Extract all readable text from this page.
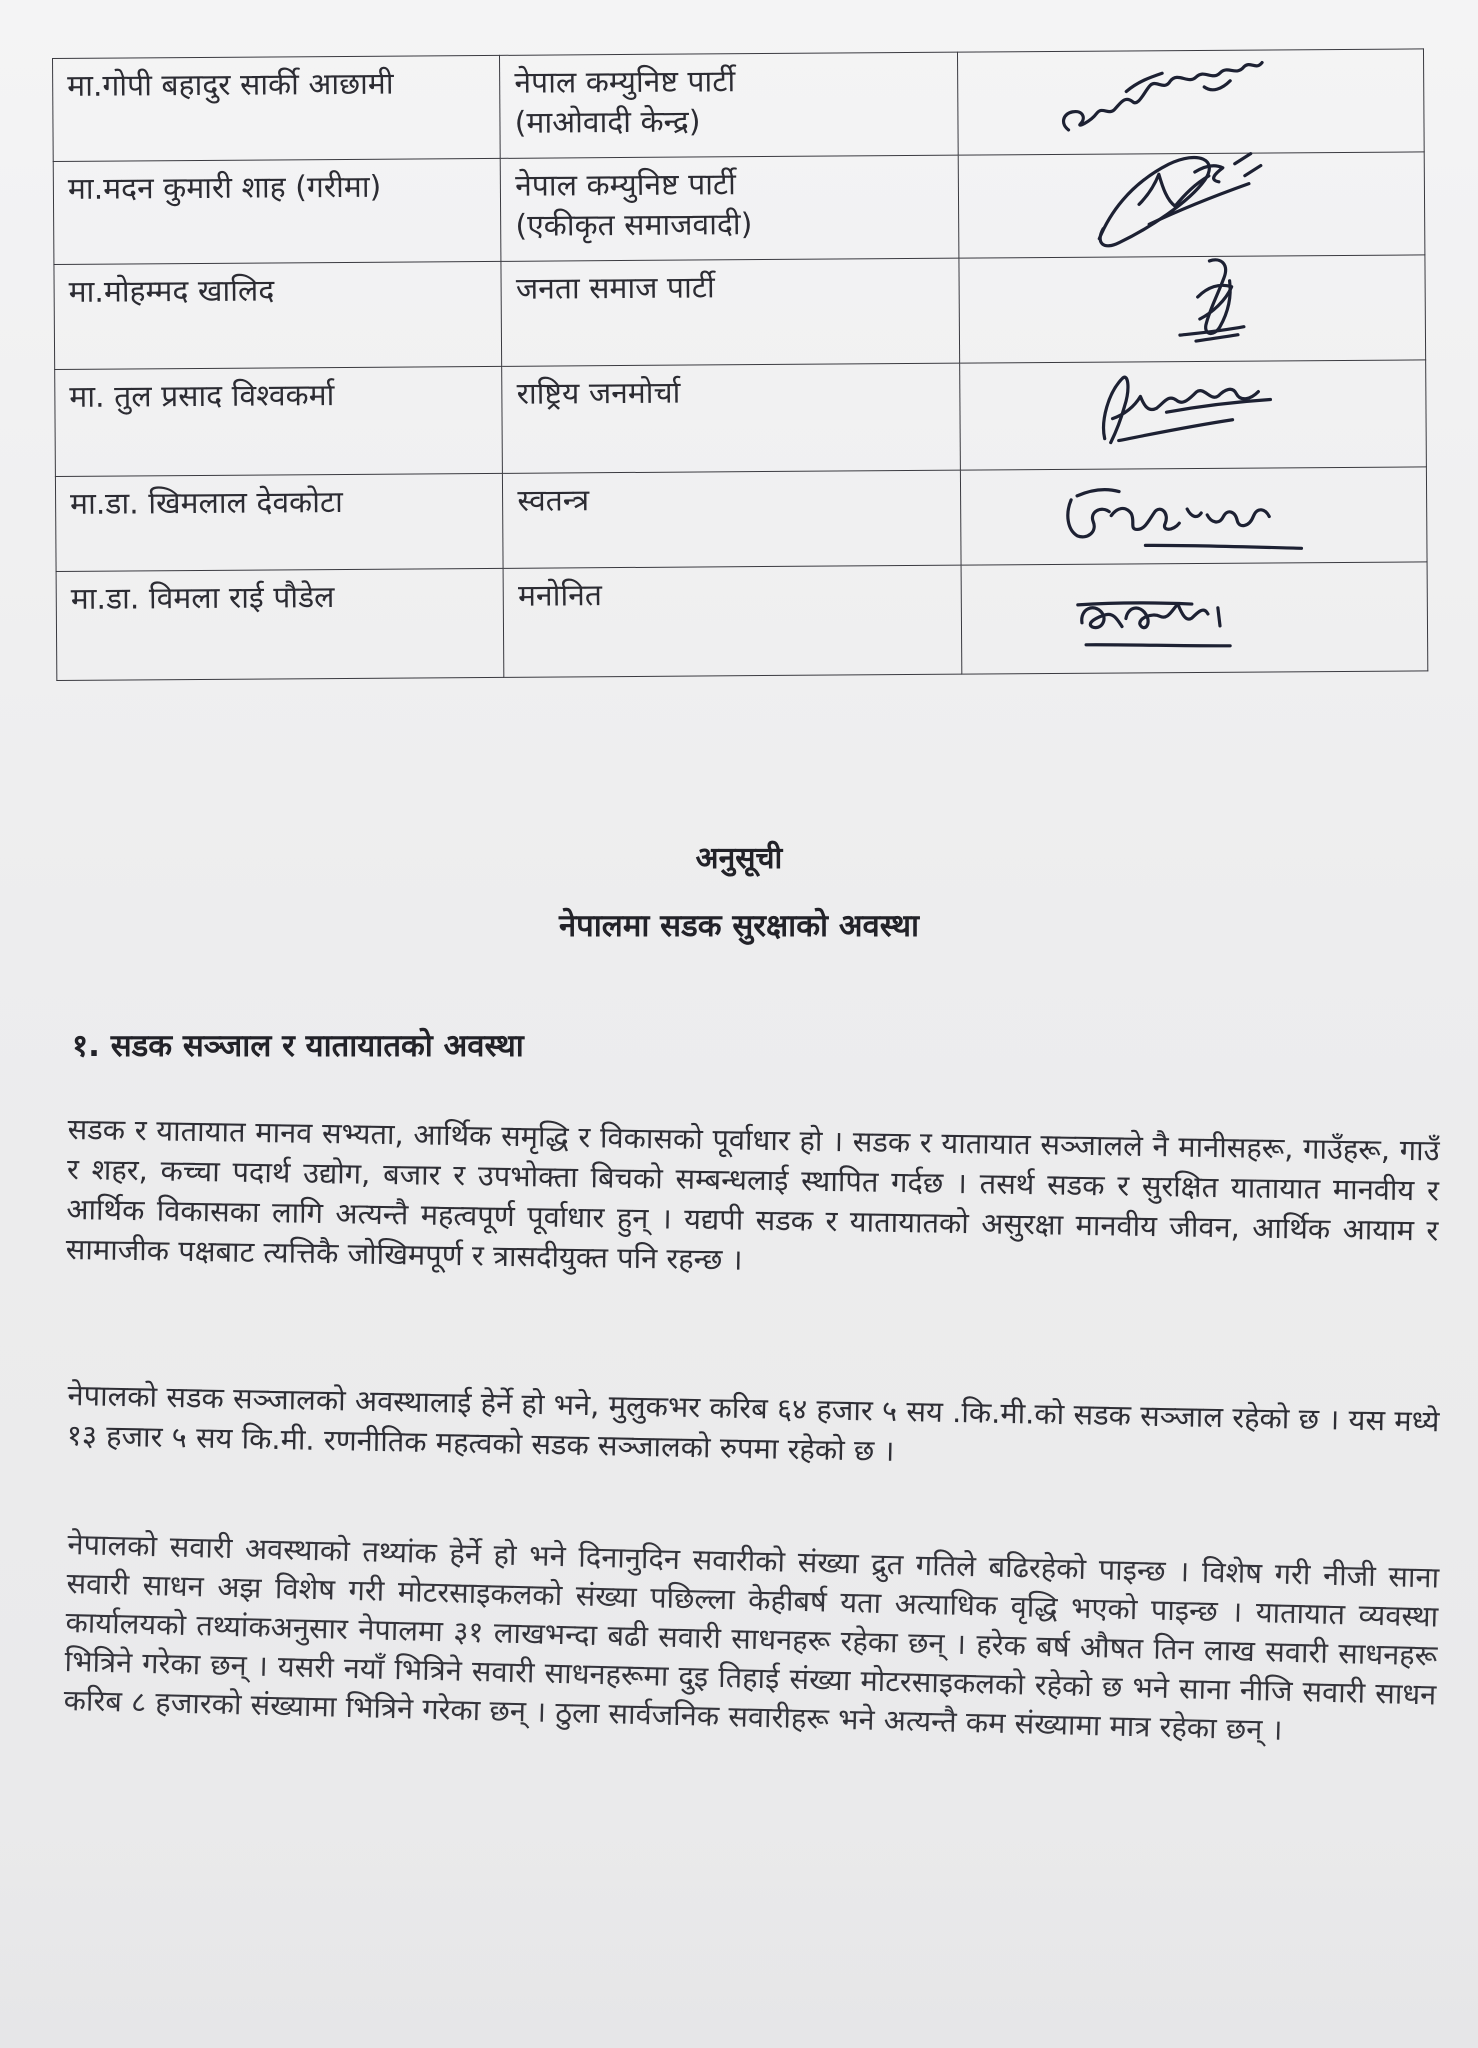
मा.गोपी बहादुर सार्की आछामी	नेपाल कम्युनिष्ट पार्टी
(माओवादी केन्द्र)

मा.मदन कुमारी शाह (गरीमा)	नेपाल कम्युनिष्ट पार्टी
(एकीकृत समाजवादी)

मा.मोहम्मद खालिद	जनता समाज पार्टी

मा. तुल प्रसाद विश्वकर्मा	राष्ट्रिय जनमोर्चा

मा.डा. खिमलाल देवकोटा	स्वतन्त्र

मा.डा. विमला राई पौडेल	मनोनित

अनुसूची
नेपालमा सडक सुरक्षाको अवस्था
१. सडक सञ्जाल र यातायातको अवस्था

सडक र यातायात मानव सभ्यता, आर्थिक समृद्धि र विकासको पूर्वाधार हो । सडक र यातायात सञ्जालले नै मानीसहरू, गाउँहरू, गाउँ र शहर, कच्चा पदार्थ उद्योग, बजार र उपभोक्ता बिचको सम्बन्धलाई स्थापित गर्दछ । तसर्थ सडक र सुरक्षित यातायात मानवीय र आर्थिक विकासका लागि अत्यन्तै महत्वपूर्ण पूर्वाधार हुन् । यद्यपी सडक र यातायातको असुरक्षा मानवीय जीवन, आर्थिक आयाम र सामाजीक पक्षबाट त्यत्तिकै जोखिमपूर्ण र त्रासदीयुक्त पनि रहन्छ ।

नेपालको सडक सञ्जालको अवस्थालाई हेर्ने हो भने, मुलुकभर करिब ६४ हजार ५ सय .कि.मी.को सडक सञ्जाल रहेको छ । यस मध्ये १३ हजार ५ सय कि.मी. रणनीतिक महत्वको सडक सञ्जालको रुपमा रहेको छ ।

नेपालको सवारी अवस्थाको तथ्यांक हेर्ने हो भने दिनानुदिन सवारीको संख्या द्रुत गतिले बढिरहेको पाइन्छ । विशेष गरी नीजी साना सवारी साधन अझ विशेष गरी मोटरसाइकलको संख्या पछिल्ला केहीबर्ष यता अत्याधिक वृद्धि भएको पाइन्छ । यातायात व्यवस्था कार्यालयको तथ्यांकअनुसार नेपालमा ३१ लाखभन्दा बढी सवारी साधनहरू रहेका छन् । हरेक बर्ष औषत तिन लाख सवारी साधनहरू भित्रिने गरेका छन् । यसरी नयाँ भित्रिने सवारी साधनहरूमा दुइ तिहाई संख्या मोटरसाइकलको रहेको छ भने साना नीजि सवारी साधन करिब ८ हजारको संख्यामा भित्रिने गरेका छन् । ठुला सार्वजनिक सवारीहरू भने अत्यन्तै कम संख्यामा मात्र रहेका छन् ।
